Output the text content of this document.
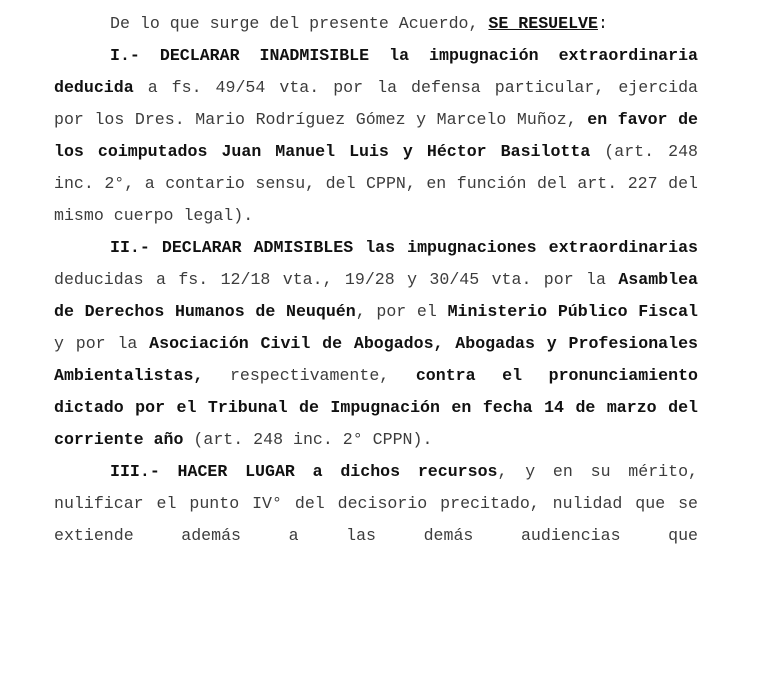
De lo que surge del presente Acuerdo, SE RESUELVE:

I.- DECLARAR INADMISIBLE la impugnación extraordinaria deducida a fs. 49/54 vta. por la defensa particular, ejercida por los Dres. Mario Rodríguez Gómez y Marcelo Muñoz, en favor de los coimputados Juan Manuel Luis y Héctor Basilotta (art. 248 inc. 2°, a contario sensu, del CPPN, en función del art. 227 del mismo cuerpo legal).

II.- DECLARAR ADMISIBLES las impugnaciones extraordinarias deducidas a fs. 12/18 vta., 19/28 y 30/45 vta. por la Asamblea de Derechos Humanos de Neuquén, por el Ministerio Público Fiscal y por la Asociación Civil de Abogados, Abogadas y Profesionales Ambientalistas, respectivamente, contra el pronunciamiento dictado por el Tribunal de Impugnación en fecha 14 de marzo del corriente año (art. 248 inc. 2° CPPN).

III.- HACER LUGAR a dichos recursos, y en su mérito, nulificar el punto IV° del decisorio precitado, nulidad que se extiende además a las demás audiencias que
